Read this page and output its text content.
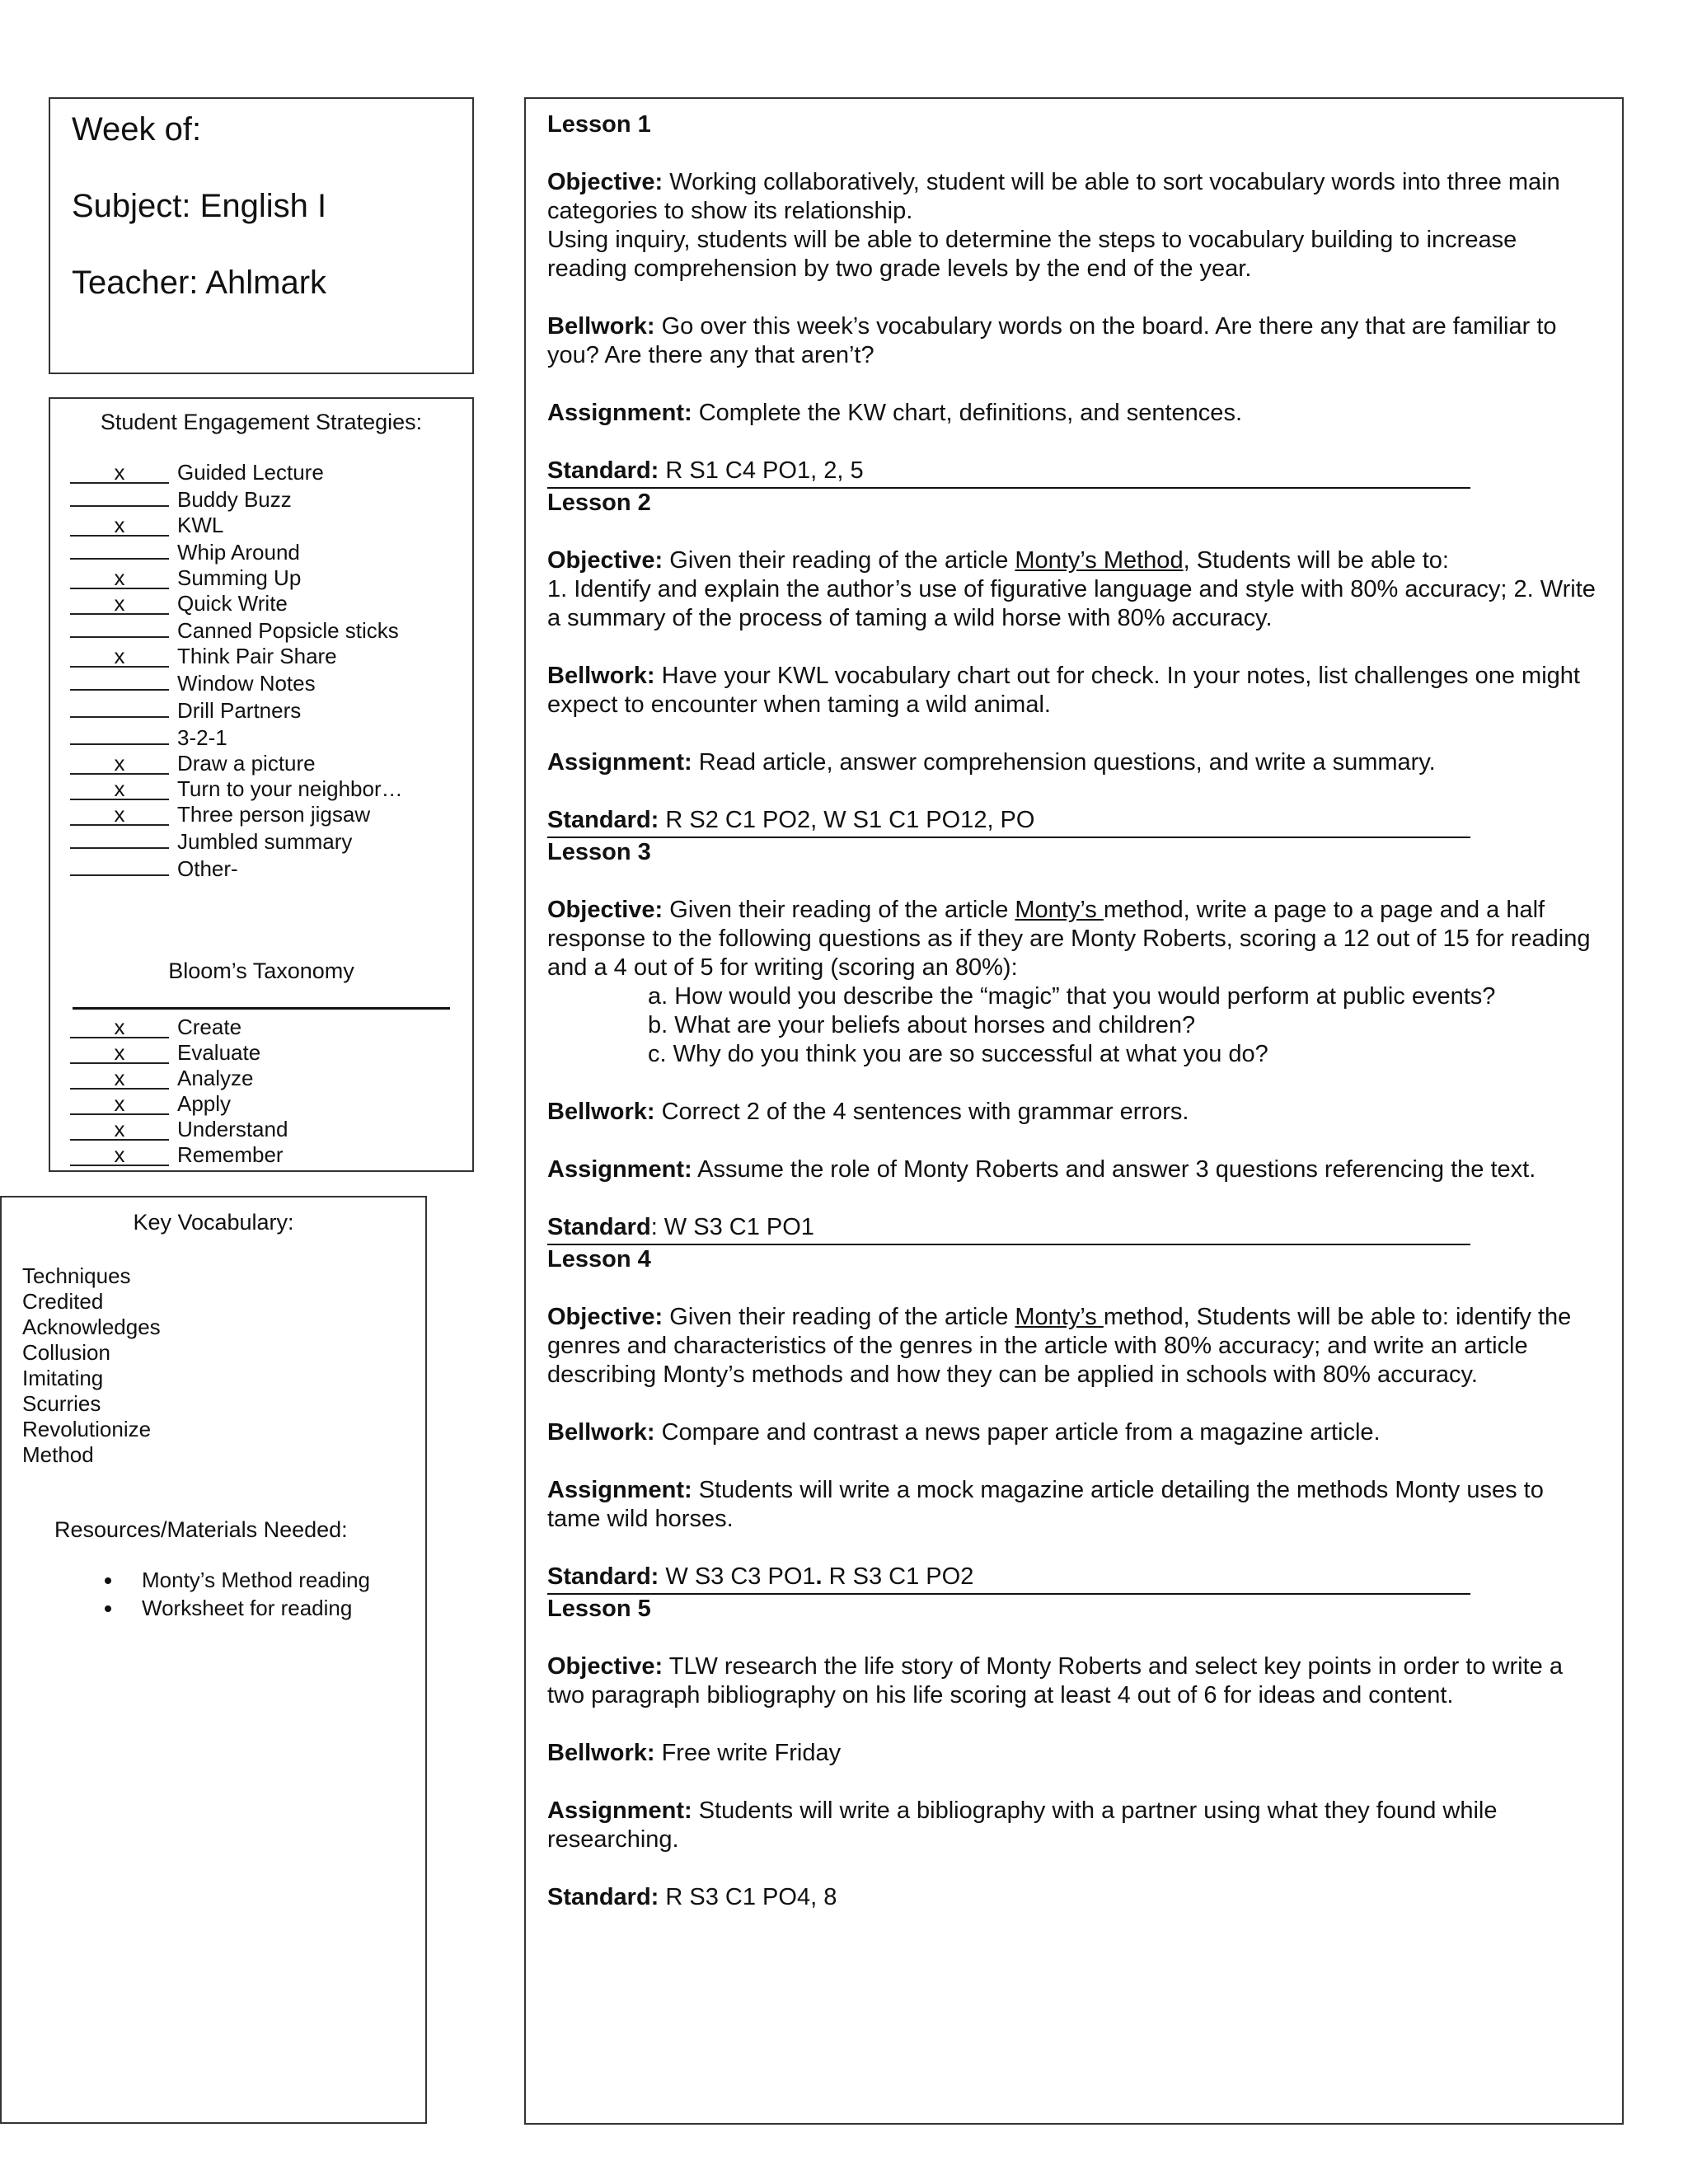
Week of:
Subject: English I
Teacher: Ahlmark
Student Engagement Strategies:
x	Guided Lecture
Buddy Buzz
x	KWL
Whip Around
x	Summing Up
x	Quick Write
Canned Popsicle sticks
x	Think Pair Share
Window Notes
Drill Partners
3-2-1
x	Draw a picture
x	Turn to your neighbor…
x	Three person jigsaw
Jumbled summary
Other-
Bloom’s Taxonomy
x	Create
x	Evaluate
x	Analyze
x	Apply
x	Understand
x	Remember
Key Vocabulary:
Techniques
Credited
Acknowledges
Collusion
Imitating
Scurries
Revolutionize
Method
Resources/Materials Needed:
• Monty’s Method reading
• Worksheet for reading
Lesson 1
Objective: Working collaboratively, student will be able to sort vocabulary words into three main categories to show its relationship.
Using inquiry, students will be able to determine the steps to vocabulary building to increase reading comprehension by two grade levels by the end of the year.
Bellwork: Go over this week’s vocabulary words on the board. Are there any that are familiar to you? Are there any that aren’t?
Assignment: Complete the KW chart, definitions, and sentences.
Standard: R S1 C4 PO1, 2, 5
Lesson 2
Objective: Given their reading of the article Monty’s Method, Students will be able to:
1. Identify and explain the author’s use of figurative language and style with 80% accuracy; 2. Write a summary of the process of taming a wild horse with 80% accuracy.
Bellwork: Have your KWL vocabulary chart out for check. In your notes, list challenges one might expect to encounter when taming a wild animal.
Assignment: Read article, answer comprehension questions, and write a summary.
Standard: R S2 C1 PO2, W S1 C1 PO12, PO
Lesson 3
Objective: Given their reading of the article Monty’s method, write a page to a page and a half response to the following questions as if they are Monty Roberts, scoring a 12 out of 15 for reading and a 4 out of 5 for writing (scoring an 80%):
a. How would you describe the “magic” that you would perform at public events?
b. What are your beliefs about horses and children?
c. Why do you think you are so successful at what you do?
Bellwork: Correct 2 of the 4 sentences with grammar errors.
Assignment: Assume the role of Monty Roberts and answer 3 questions referencing the text.
Standard: W S3 C1 PO1
Lesson 4
Objective: Given their reading of the article Monty’s method, Students will be able to: identify the genres and characteristics of the genres in the article with 80% accuracy; and write an article describing Monty’s methods and how they can be applied in schools with 80% accuracy.
Bellwork: Compare and contrast a news paper article from a magazine article.
Assignment: Students will write a mock magazine article detailing the methods Monty uses to tame wild horses.
Standard: W S3 C3 PO1. R S3 C1 PO2
Lesson 5
Objective: TLW research the life story of Monty Roberts and select key points in order to write a two paragraph bibliography on his life scoring at least 4 out of 6 for ideas and content.
Bellwork: Free write Friday
Assignment: Students will write a bibliography with a partner using what they found while researching.
Standard: R S3 C1 PO4, 8
